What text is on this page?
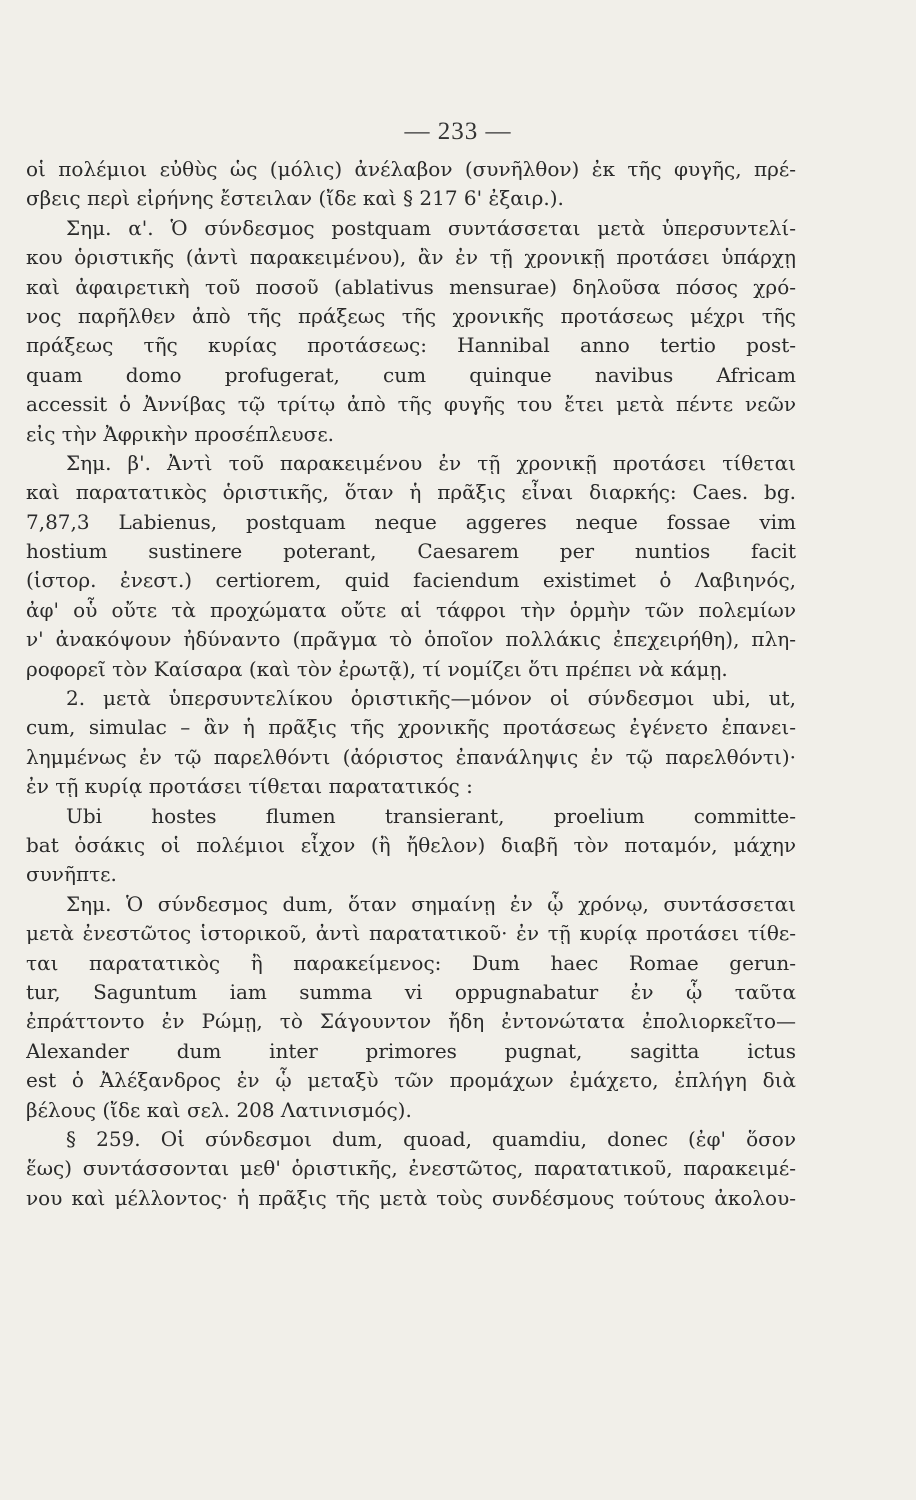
— 233 —
οἱ πολέμιοι εὐθὺς ὡς (μόλις) ἀνέλαβον (συνῆλθον) ἐκ τῆς φυγῆς, πρέ-
σβεις περὶ εἰρήνης ἔστειλαν (ἴδε καὶ § 217 6' ἐξαιρ.).
Σημ. α'. Ὁ σύνδεσμος postquam συντάσσεται μετὰ ὑπερσυντελί-
κου ὁριστικῆς (ἀντὶ παρακειμένου), ἂν ἐν τῇ χρονικῇ προτάσει ὑπάρχῃ
καὶ ἀφαιρετικὴ τοῦ ποσοῦ (ablativus mensurae) δηλοῦσα πόσος χρό-
νος παρῆλθεν ἀπὸ τῆς πράξεως τῆς χρονικῆς προτάσεως μέχρι τῆς
πράξεως τῆς κυρίας προτάσεως: Hannibal anno tertio post-
quam domo profugerat, cum quinque navibus Africam
accessit ὁ Ἀννίβας τῷ τρίτῳ ἀπὸ τῆς φυγῆς του ἔτει μετὰ πέντε νεῶν
εἰς τὴν Ἀφρικὴν προσέπλευσε.
Σημ. β'. Ἀντὶ τοῦ παρακειμένου ἐν τῇ χρονικῇ προτάσει τίθεται
καὶ παρατατικὸς ὁριστικῆς, ὅταν ἡ πρᾶξις εἶναι διαρκής: Caes. bg.
7,87,3 Labienus, postquam neque aggeres neque fossae vim
hostium sustinere poterant, Caesarem per nuntios facit
(ἱστορ. ἐνεστ.) certiorem, quid faciendum existimet ὁ Λαβιηνός,
ἀφ' οὗ οὔτε τὰ προχώματα οὔτε αἱ τάφροι τὴν ὁρμὴν τῶν πολεμίων
ν' ἀνακόψουν ἠδύναντο (πρᾶγμα τὸ ὁποῖον πολλάκις ἐπεχειρήθη), πλη-
ροφορεῖ τὸν Καίσαρα (καὶ τὸν ἐρωτᾷ), τί νομίζει ὅτι πρέπει νὰ κάμῃ.
2. μετὰ ὑπερσυντελίκου ὁριστικῆς—μόνον οἱ σύνδεσμοι ubi, ut,
cum, simulac – ἂν ἡ πρᾶξις τῆς χρονικῆς προτάσεως ἐγένετο ἐπανει-
λημμένως ἐν τῷ παρελθόντι (ἀόριστος ἐπανάληψις ἐν τῷ παρελθόντι)·
ἐν τῇ κυρίᾳ προτάσει τίθεται παρατατικός :
Ubi hostes flumen transierant, proelium committe-
bat ὁσάκις οἱ πολέμιοι εἶχον (ἢ ἤθελον) διαβῆ τὸν ποταμόν, μάχην
συνῆπτε.
Σημ. Ὁ σύνδεσμος dum, ὅταν σημαίνῃ ἐν ᾧ χρόνῳ, συντάσσεται
μετὰ ἐνεστῶτος ἱστορικοῦ, ἀντὶ παρατατικοῦ· ἐν τῇ κυρίᾳ προτάσει τίθε-
ται παρατατικὸς ἢ παρακείμενος: Dum haec Romae gerun-
tur, Saguntum iam summa vi oppugnabatur ἐν ᾧ ταῦτα
ἐπράττοντο ἐν Ρώμῃ, τὸ Σάγουντον ἤδη ἐντονώτατα ἐπολιορκεῖτο—
Alexander dum inter primores pugnat, sagitta ictus
est ὁ Ἀλέξανδρος ἐν ᾧ μεταξὺ τῶν προμάχων ἐμάχετο, ἐπλήγη διὰ
βέλους (ἴδε καὶ σελ. 208 Λατινισμός).
§ 259. Οἱ σύνδεσμοι dum, quoad, quamdiu, donec (ἐφ' ὅσον
ἕως) συντάσσονται μεθ' ὁριστικῆς, ἐνεστῶτος, παρατατικοῦ, παρακειμέ-
νου καὶ μέλλοντος· ἡ πρᾶξις τῆς μετὰ τοὺς συνδέσμους τούτους ἀκολου-
